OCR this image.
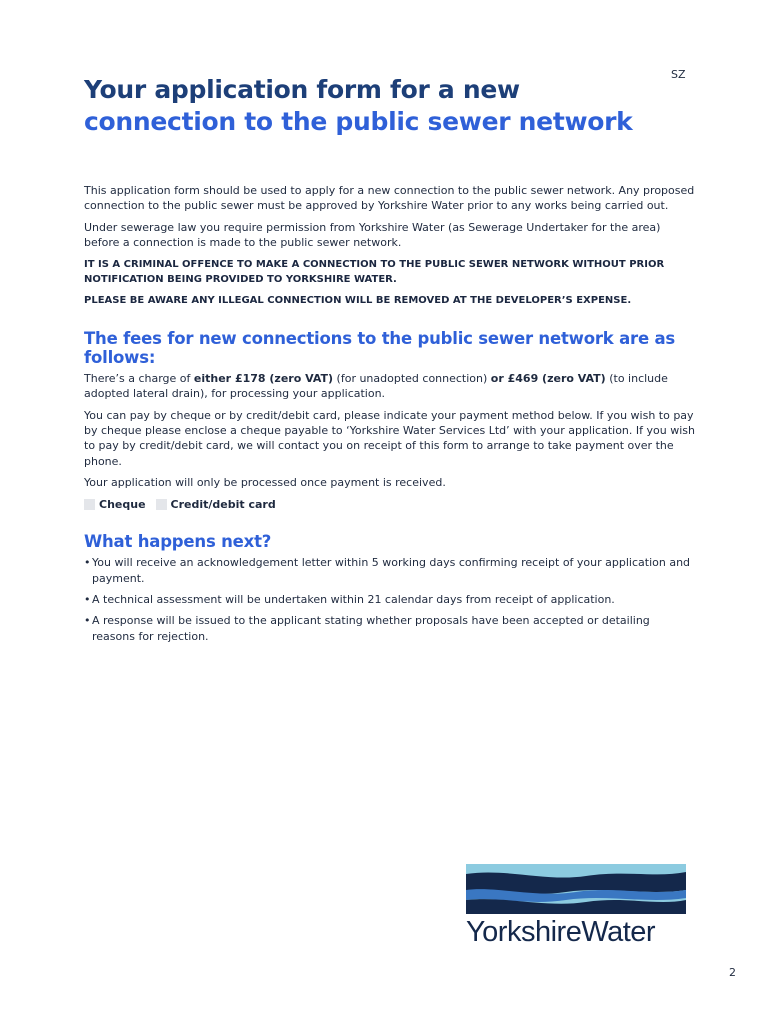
SZ
Your application form for a new
connection to the public sewer network

This application form should be used to apply for a new connection to the public sewer network. Any proposed connection to the public sewer must be approved by Yorkshire Water prior to any works being carried out.

Under sewerage law you require permission from Yorkshire Water (as Sewerage Undertaker for the area) before a connection is made to the public sewer network.

IT IS A CRIMINAL OFFENCE TO MAKE A CONNECTION TO THE PUBLIC SEWER NETWORK WITHOUT PRIOR NOTIFICATION BEING PROVIDED TO YORKSHIRE WATER.

PLEASE BE AWARE ANY ILLEGAL CONNECTION WILL BE REMOVED AT THE DEVELOPER’S EXPENSE.

The fees for new connections to the public sewer network are as follows:

There’s a charge of either £178 (zero VAT) (for unadopted connection) or £469 (zero VAT) (to include adopted lateral drain), for processing your application.

You can pay by cheque or by credit/debit card, please indicate your payment method below. If you wish to pay by cheque please enclose a cheque payable to ‘Yorkshire Water Services Ltd’ with your application. If you wish to pay by credit/debit card, we will contact you on receipt of this form to arrange to take payment over the phone.

Your application will only be processed once payment is received.

Cheque Credit/debit card
What happens next?
• You will receive an acknowledgement letter within 5 working days confirming receipt of your application and payment.
• A technical assessment will be undertaken within 21 calendar days from receipt of application.
• A response will be issued to the applicant stating whether proposals have been accepted or detailing reasons for rejection.
YorkshireWater
2
